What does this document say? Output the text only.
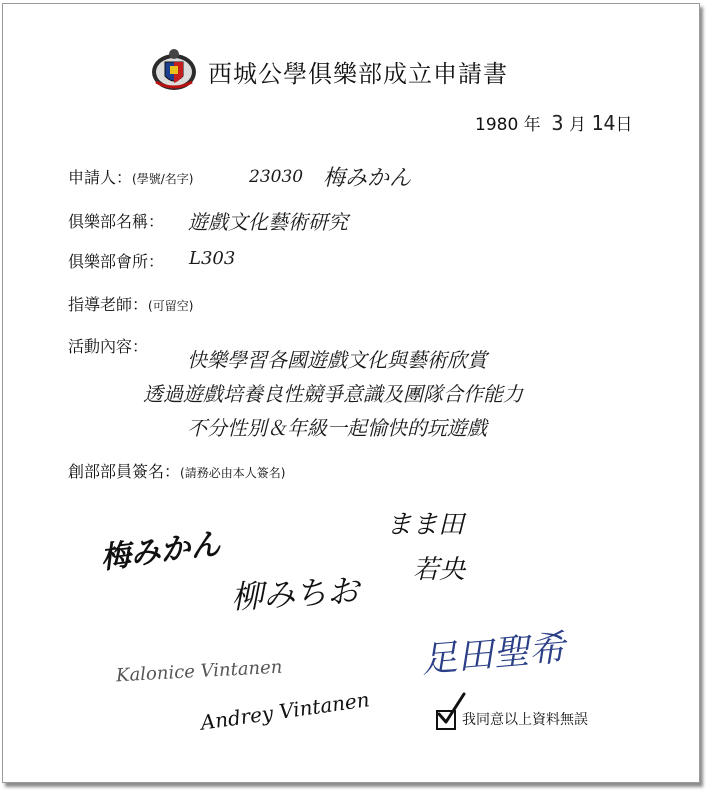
西城公學俱樂部成立申請書
1980 年 3 月 14日
申請人：(學號/名字)	23030 梅みかん
俱樂部名稱： 遊戲文化藝術研究
俱樂部會所： L303
指導老師：(可留空)
活動內容：
快樂學習各國遊戲文化與藝術欣賞
透過遊戲培養良性競爭意識及團隊合作能力
不分性別＆年級一起愉快的玩遊戲
創部部員簽名：(請務必由本人簽名)
梅みかん
柳みちお
まま田
若央
足田聖希
Kalonice Vintanen
Andrey Vintanen	我同意以上資料無誤
